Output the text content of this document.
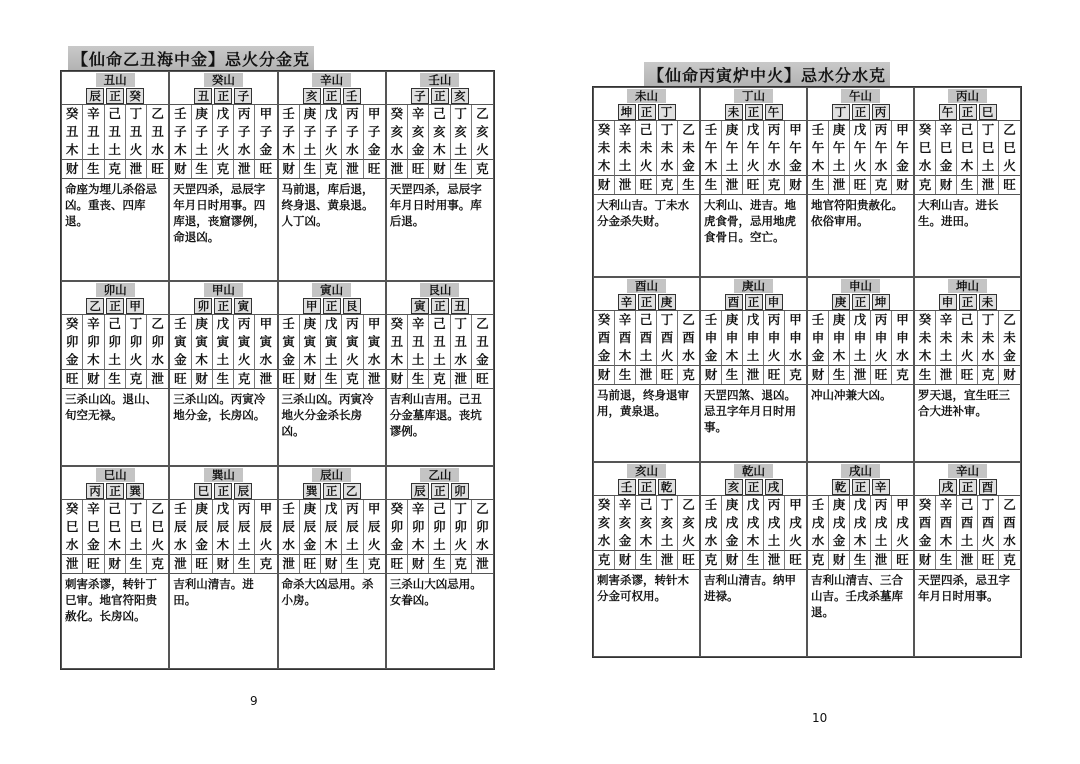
【仙命乙丑海中金】忌火分金克
丑山
辰 正 癸
癸 辛 己 丁 乙
丑 丑 丑 丑 丑
木 土 土 火 水
财 生 克 泄 旺
命座为埋儿杀俗忌凶。重丧、四库退。
癸山
丑 正 子
壬 庚 戊 丙 甲
子 子 子 子 子
木 土 火 水 金
财 生 克 泄 旺
天罡四杀，忌辰字年月日时用事。四库退，丧窟谬例，命退凶。
辛山
亥 正 壬
壬 庚 戊 丙 甲
子 子 子 子 子
木 土 火 水 金
财 生 克 泄 旺
马前退，库后退，终身退、黄泉退。人丁凶。
壬山
子 正 亥
癸 辛 己 丁 乙
亥 亥 亥 亥 亥
水 金 木 土 火
泄 旺 财 生 克
天罡四杀，忌辰字年月日时用事。库后退。
卯山
乙 正 甲
癸 辛 己 丁 乙
卯 卯 卯 卯 卯
金 木 土 火 水
旺 财 生 克 泄
三杀山凶。退山、旬空无禄。
甲山
卯 正 寅
壬 庚 戊 丙 甲
寅 寅 寅 寅 寅
金 木 土 火 水
旺 财 生 克 泄
三杀山凶。丙寅冷地分金，长房凶。
寅山
甲 正 艮
壬 庚 戊 丙 甲
寅 寅 寅 寅 寅
金 木 土 火 水
旺 财 生 克 泄
三杀山凶。丙寅冷地火分金杀长房凶。
艮山
寅 正 丑
癸 辛 己 丁 乙
丑 丑 丑 丑 丑
木 土 土 水 金
财 生 克 泄 旺
吉利山吉用。己丑分金墓库退。丧坑谬例。
巳山
丙 正 巽
癸 辛 己 丁 乙
巳 巳 巳 巳 巳
水 金 木 土 火
泄 旺 财 生 克
刺害杀谬，转针丁巳审。地官符阳贵赦化。长房凶。
巽山
巳 正 辰
壬 庚 戊 丙 甲
辰 辰 辰 辰 辰
水 金 木 土 火
泄 旺 财 生 克
吉利山清吉。进田。
辰山
巽 正 乙
壬 庚 戊 丙 甲
辰 辰 辰 辰 辰
水 金 木 土 火
泄 旺 财 生 克
命杀大凶忌用。杀小房。
乙山
辰 正 卯
癸 辛 己 丁 乙
卯 卯 卯 卯 卯
金 木 土 火 水
旺 财 生 克 泄
三杀山大凶忌用。女眷凶。
9
【仙命丙寅炉中火】忌水分水克
未山
坤 正 丁
癸 辛 己 丁 乙
未 未 未 未 未
木 土 火 水 金
财 泄 旺 克 生
大利山吉。丁未水分金杀失财。
丁山
未 正 午
壬 庚 戊 丙 甲
午 午 午 午 午
木 土 火 水 金
生 泄 旺 克 财
大利山、进吉。地虎食骨，忌用地虎食骨日。空亡。
午山
丁 正 丙
壬 庚 戊 丙 甲
午 午 午 午 午
木 土 火 水 金
生 泄 旺 克 财
地官符阳贵赦化。依俗审用。
丙山
午 正 巳
癸 辛 己 丁 乙
巳 巳 巳 巳 巳
水 金 木 土 火
克 财 生 泄 旺
大利山吉。进长生。进田。
酉山
辛 正 庚
癸 辛 己 丁 乙
酉 酉 酉 酉 酉
金 木 土 火 水
财 生 泄 旺 克
马前退，终身退审用，黄泉退。
庚山
酉 正 申
壬 庚 戊 丙 甲
申 申 申 申 申
金 木 土 火 水
财 生 泄 旺 克
天罡四煞、退凶。忌丑字年月日时用事。
申山
庚 正 坤
壬 庚 戊 丙 甲
申 申 申 申 申
金 木 土 火 水
财 生 泄 旺 克
冲山冲兼大凶。
坤山
申 正 未
癸 辛 己 丁 乙
未 未 未 未 未
木 土 火 水 金
生 泄 旺 克 财
罗天退，宜生旺三合大进补审。
亥山
壬 正 乾
癸 辛 己 丁 乙
亥 亥 亥 亥 亥
水 金 木 土 火
克 财 生 泄 旺
刺害杀谬，转针木分金可权用。
乾山
亥 正 戌
壬 庚 戊 丙 甲
戌 戌 戌 戌 戌
水 金 木 土 火
克 财 生 泄 旺
吉利山清吉。纳甲进禄。
戌山
乾 正 辛
壬 庚 戊 丙 甲
戌 戌 戌 戌 戌
水 金 木 土 火
克 财 生 泄 旺
吉利山清吉、三合山吉。壬戌杀墓库退。
辛山
戌 正 酉
癸 辛 己 丁 乙
酉 酉 酉 酉 酉
金 木 土 火 水
财 生 泄 旺 克
天罡四杀，忌丑字年月日时用事。
10
